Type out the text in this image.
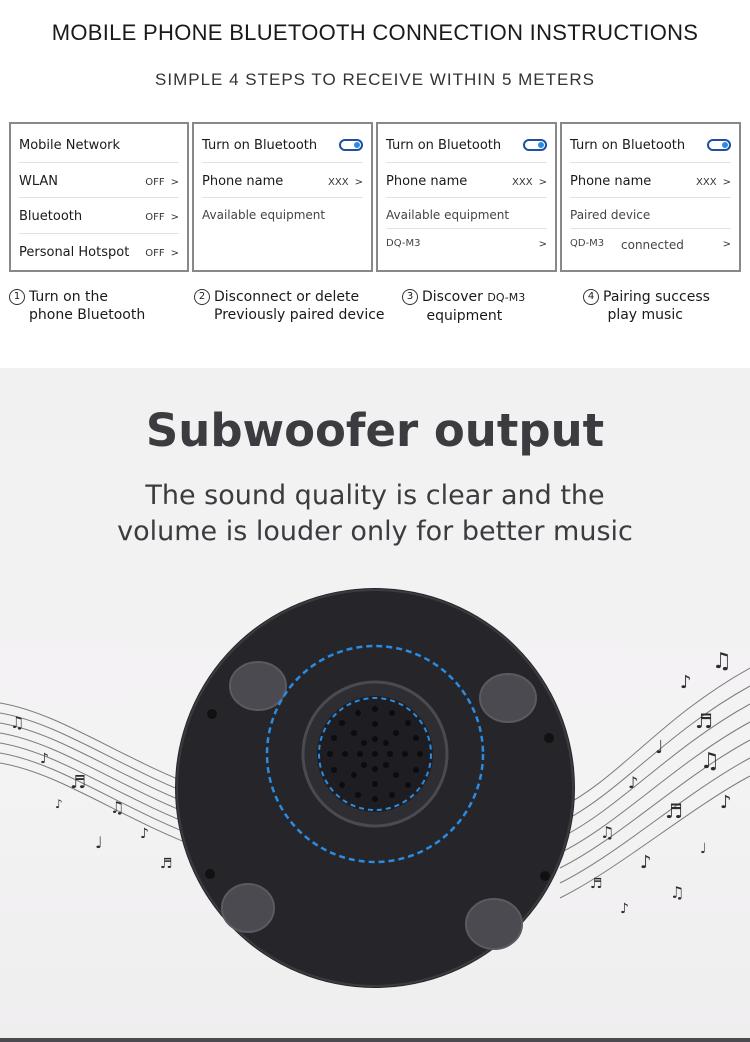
MOBILE PHONE BLUETOOTH CONNECTION INSTRUCTIONS
SIMPLE 4 STEPS TO RECEIVE WITHIN 5 METERS
Mobile Network
WLAN	OFF >
Bluetooth	OFF >
Personal Hotspot OFF >
Turn on Bluetooth
Phone name	XXX >
Available equipment
Turn on Bluetooth
Phone name	XXX >
Available equipment
DQ-M3	>
Turn on Bluetooth
Phone name	XXX >
Paired device
QD-M3 connected	>
1 Turn on the
phone Bluetooth
2 Disconnect or delete
Previously paired device
3 Discover DQ-M3
equipment
4 Pairing success
play music
♫
♪
♬
♩
♫
♪
♪
♬
♫
♪
♩
♬	♫
♪
♫
♪
♬
♫
♪
♩
♬
♪
Subwoofer output
The sound quality is clear and the
volume is louder only for better music
